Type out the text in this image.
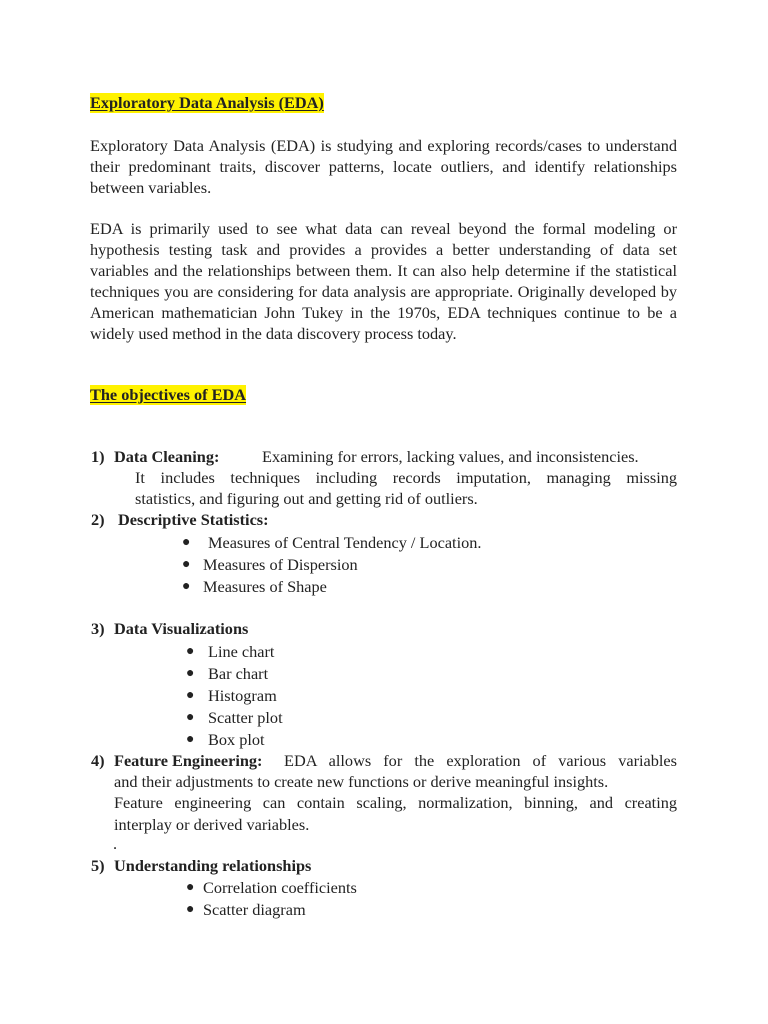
Exploratory Data Analysis (EDA)

Exploratory Data Analysis (EDA) is studying and exploring records/cases to understand their predominant traits, discover patterns, locate outliers, and identify relationships between variables.

EDA is primarily used to see what data can reveal beyond the formal modeling or hypothesis testing task and provides a provides a better understanding of data set variables and the relationships between them. It can also help determine if the statistical techniques you are considering for data analysis are appropriate. Originally developed by American mathematician John Tukey in the 1970s, EDA techniques continue to be a widely used method in the data discovery process today.

The objectives of EDA
1) Data Cleaning:	Examining for errors, lacking values, and inconsistencies.
It includes techniques including records imputation, managing missing
statistics, and figuring out and getting rid of outliers.
2) Descriptive Statistics:
● Measures of Central Tendency / Location.
● Measures of Dispersion
● Measures of Shape
3) Data Visualizations
● Line chart
● Bar chart
● Histogram
● Scatter plot
● Box plot
4) Feature Engineering: EDA allows for the exploration of various variables
and their adjustments to create new functions or derive meaningful insights.
Feature engineering can contain scaling, normalization, binning, and creating
interplay or derived variables.
.
5) Understanding relationships
● Correlation coefficients
● Scatter diagram
